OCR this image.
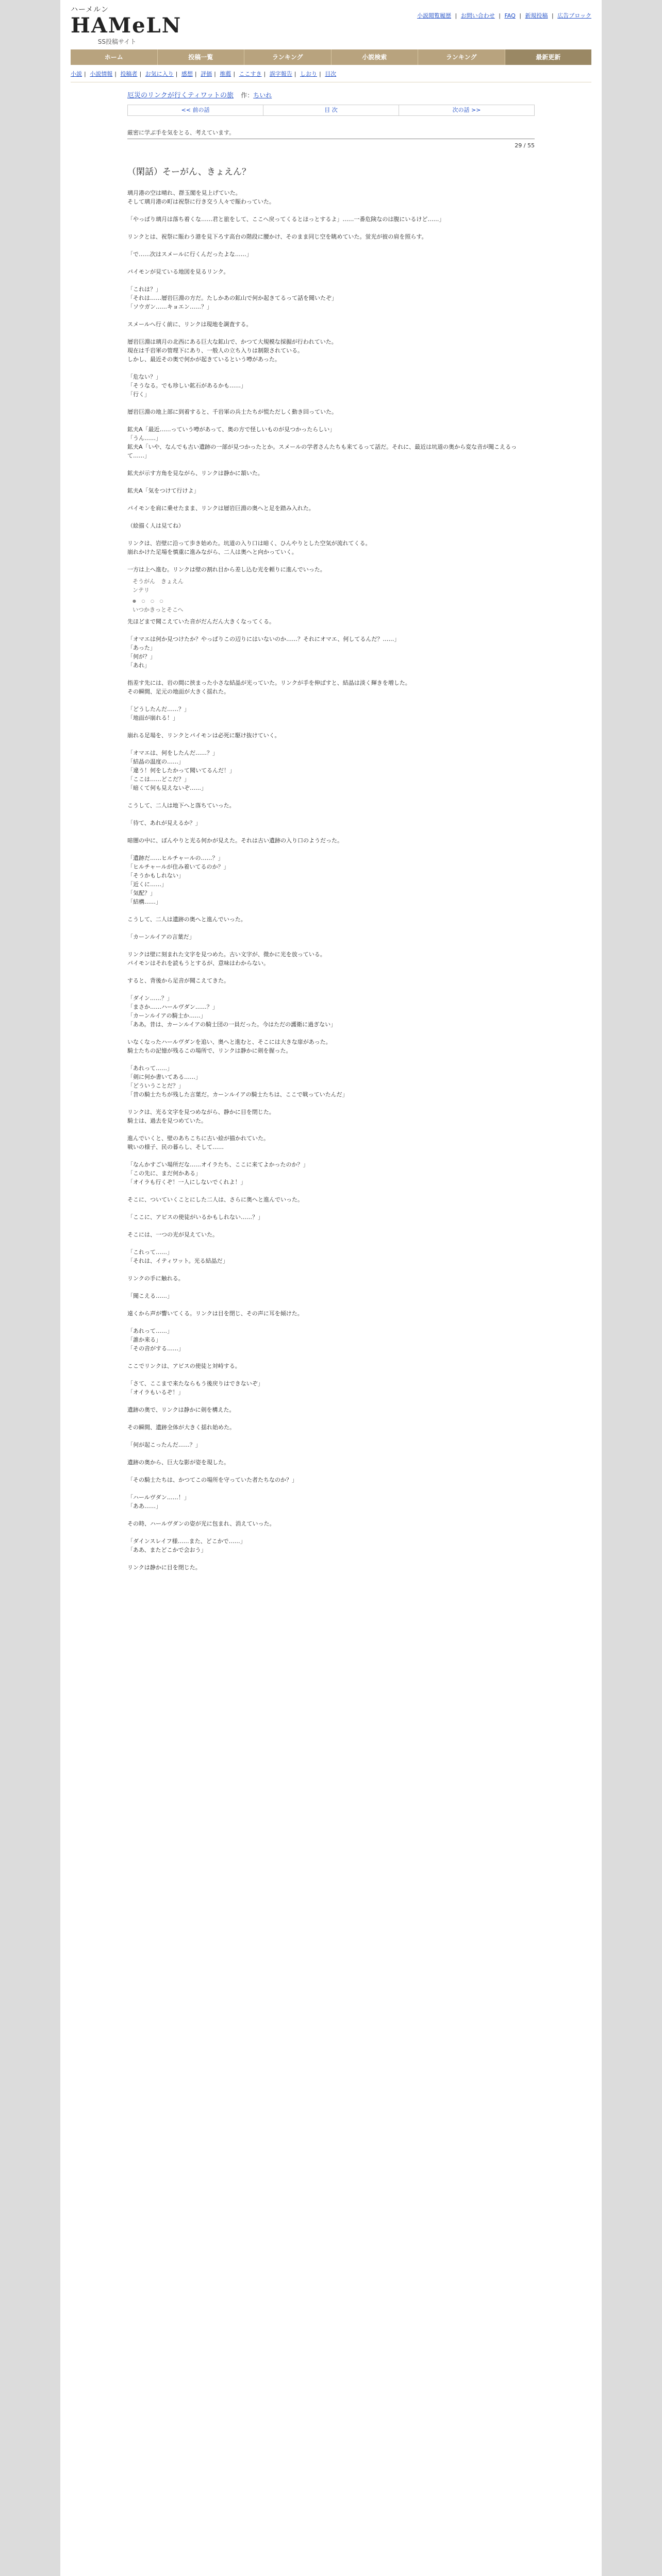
ハーメルン
HAMeLN
SS投稿サイト
小説閲覧履歴 | お問い合わせ | FAQ | 新規投稿 | 広告ブロック
ホーム	投稿一覧	ランキング	小説検索	ランキング	最新更新
小説 | 小説情報 | 投稿者 | お気に入り | 感想 | 評価 | 推薦 | ここすき | 誤字報告 | しおり | 目次
厄災のリンクが行くティワットの旅 作：ちいれ
<< 前の話	目 次	次の話 >>
厳密に学ぶ手を気をとる、考えています。
29 / 55
（閑話）そーがん、きょえん？

璃月港の空は晴れ、群玉閣を見上げていた。

そして璃月港の町は祝祭に行き交う人々で賑わっていた。

「やっぱり璃月は落ち着くな……君と旅をして、ここへ戻ってくるとほっとするよ」……一番危険なのは腹にいるけど……」

リンクとは、祝祭に賑わう港を見下ろす高台の階段に腰かけ、そのまま同じ空を眺めていた。蛍光が彼の肩を照らす。

「で……次はスメールに行くんだったよな……」

パイモンが見ている地図を見るリンク。

「これは？」

「それは……層岩巨淵の方だ。たしかあの鉱山で何か起きてるって話を聞いたぞ」

「ソウガン……キョエン……？」

スメールへ行く前に、リンクは現地を調査する。

層岩巨淵は璃月の北西にある巨大な鉱山で、かつて大規模な採掘が行われていた。

現在は千岩軍の管理下にあり、一般人の立ち入りは制限されている。

しかし、最近その奥で何かが起きているという噂があった。

「危ない？」

「そうなる。でも珍しい鉱石があるかも……」

「行く」

層岩巨淵の地上部に到着すると、千岩軍の兵士たちが慌ただしく動き回っていた。

鉱夫A「最近……っていう噂があって、奥の方で怪しいものが見つかったらしい」

「うん……」

鉱夫A「いや、なんでも古い遺跡の一部が見つかったとか。スメールの学者さんたちも来てるって話だ。それに、最近は坑道の奥から変な音が聞こえるって……」

鉱夫が示す方角を見ながら、リンクは静かに頷いた。

鉱夫A「気をつけて行けよ」

パイモンを肩に乗せたまま、リンクは層岩巨淵の奥へと足を踏み入れた。

（絵描く人は見てね）

リンクは、岩壁に沿って歩き始めた。坑道の入り口は暗く、ひんやりとした空気が流れてくる。

崩れかけた足場を慎重に進みながら、二人は奥へと向かっていく。

一方は上へ進む。リンクは壁の割れ目から差し込む光を頼りに進んでいった。

そうがん　きょえん
ンテリ
● ○ ○ ○
いつかきっとそこへ

先ほどまで聞こえていた音がだんだん大きくなってくる。

「オマエは何か見つけたか？やっぱりこの辺りにはいないのか……？それにオマエ、何してるんだ？……」

「あった」

「何が？」

「あれ」

指差す先には、岩の間に挟まった小さな結晶が光っていた。リンクが手を伸ばすと、結晶は淡く輝きを増した。

その瞬間、足元の地面が大きく揺れた。

「どうしたんだ……？」

「地面が崩れる！」

崩れる足場を、リンクとパイモンは必死に駆け抜けていく。

「オマエは、何をしたんだ……？」

「結晶の温度の……」

「違う！何をしたかって聞いてるんだ！」

「ここは……どこだ？」

「暗くて何も見えないぞ……」

こうして、二人は地下へと落ちていった。

「待て、あれが見えるか？」

暗闇の中に、ぼんやりと光る何かが見えた。それは古い遺跡の入り口のようだった。

「遺跡だ……ヒルチャールの……？」

「ヒルチャールが住み着いてるのか？」

「そうかもしれない」

「近くに……」

「気配？」

「結構……」

こうして、二人は遺跡の奥へと進んでいった。

「カーンルイアの言葉だ」

リンクは壁に刻まれた文字を見つめた。古い文字が、微かに光を放っている。

パイモンはそれを読もうとするが、意味はわからない。

すると、背後から足音が聞こえてきた。

「ダイン……？」

「まさか……ハールヴダン……？」

「カーンルイアの騎士か……」

「ああ。昔は、カーンルイアの騎士団の一員だった。今はただの護衛に過ぎない」

いなくなったハールヴダンを追い、奥へと進むと、そこには大きな扉があった。

騎士たちの記憶が残るこの場所で、リンクは静かに剣を握った。

「あれって……」

「剣に何か書いてある……」

「どういうことだ？」

「昔の騎士たちが残した言葉だ。カーンルイアの騎士たちは、ここで戦っていたんだ」

リンクは、光る文字を見つめながら、静かに目を閉じた。

騎士は、過去を見つめていた。

進んでいくと、壁のあちこちに古い絵が描かれていた。

戦いの様子、民の暮らし、そして……

「なんかすごい場所だな……オイラたち、ここに来てよかったのか？」

「この先に、まだ何かある」

「オイラも行くぞ！一人にしないでくれよ！」

そこに、ついていくことにした二人は、さらに奥へと進んでいった。

「ここに、アビスの使徒がいるかもしれない……？」

そこには、一つの光が見えていた。

「これって……」

「それは、イティワット。光る結晶だ」

リンクの手に触れる。

「聞こえる……」

遠くから声が響いてくる。リンクは目を閉じ、その声に耳を傾けた。

「あれって……」

「誰か来る」

「その音がする……」

ここでリンクは、アビスの使徒と対峙する。

「さて、ここまで来たならもう後戻りはできないぞ」

「オイラもいるぞ！」

遺跡の奥で、リンクは静かに剣を構えた。

その瞬間、遺跡全体が大きく揺れ始めた。

「何が起こったんだ……？」

遺跡の奥から、巨大な影が姿を現した。

「その騎士たちは、かつてこの場所を守っていた者たちなのか？」

「ハールヴダン……！」

「ああ……」

その時、ハールヴダンの姿が光に包まれ、消えていった。

「ダインスレイフ様……また、どこかで……」

「ああ、またどこかで会おう」

リンクは静かに目を閉じた。
